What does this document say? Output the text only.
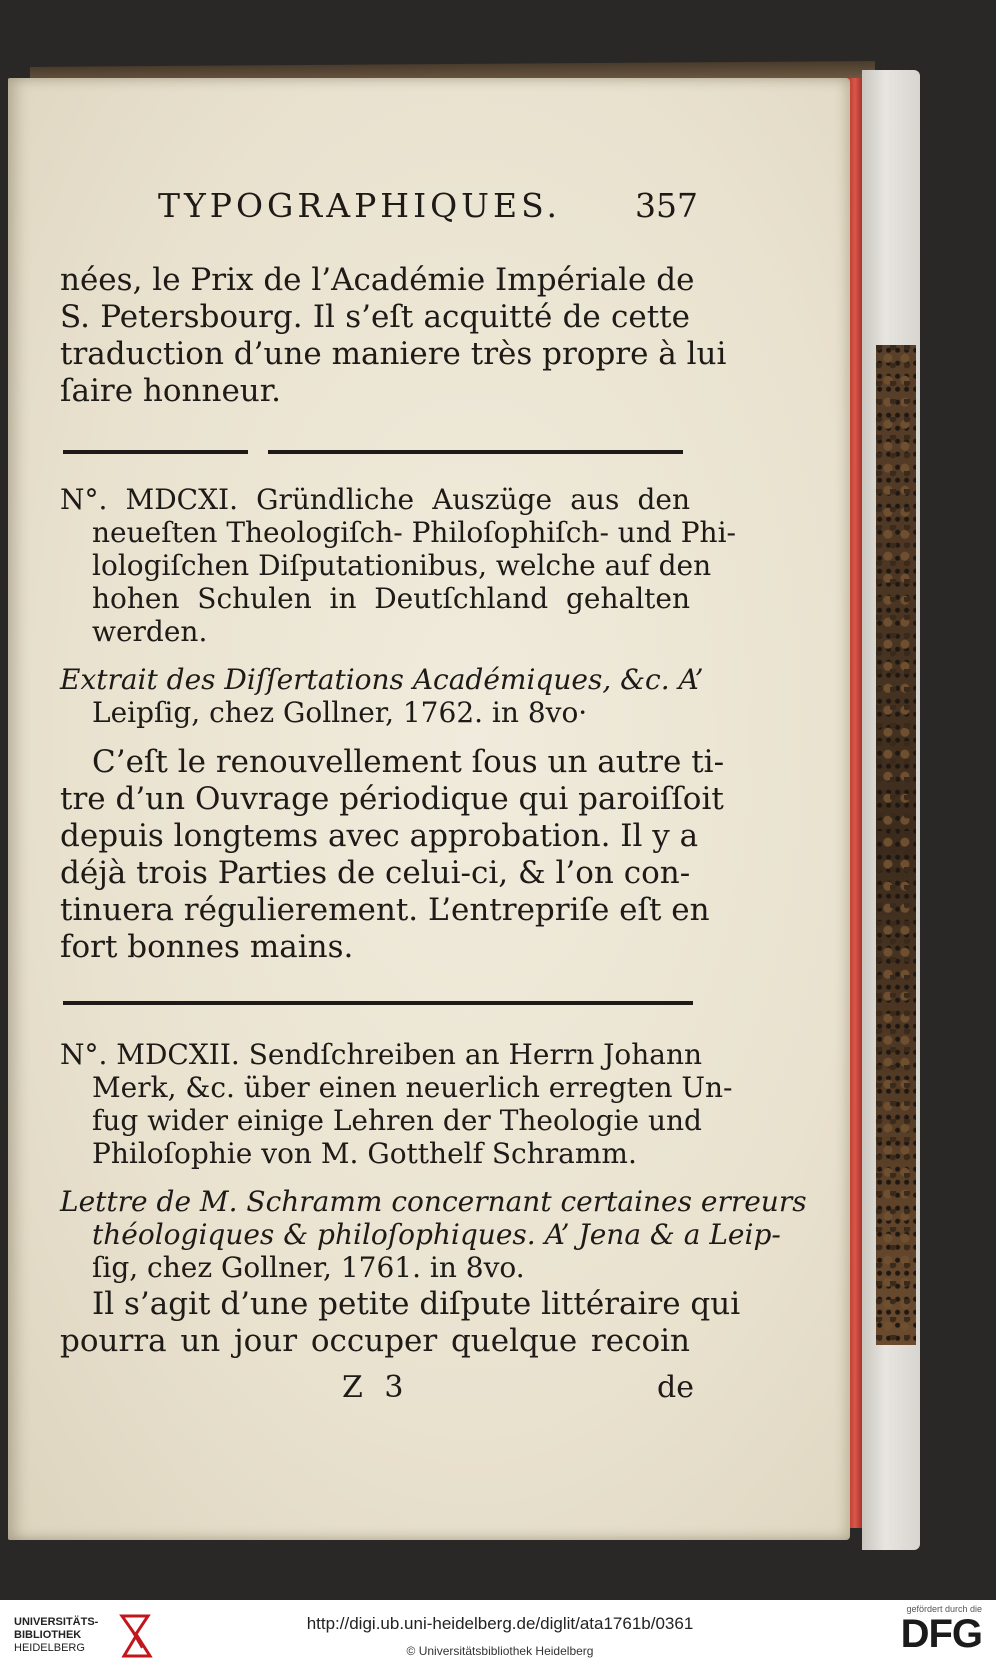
TYPOGRAPHIQUES. 357
nées, le Prix de l’Académie Impériale de
S. Petersbourg. Il s’eſt acquitté de cette
traduction d’une maniere très propre à lui
ſaire honneur.
N°. MDCXI. Gründliche Auszüge aus den
neueſten Theologiſch- Philoſophiſch- und Phi-
lologiſchen Diſputationibus, welche auf den
hohen Schulen in Deutſchland gehalten
werden.
Extrait des Diſſertations Académiques, &c. A’
Leipſig, chez Gollner, 1762. in 8vo·
C’eſt le renouvellement ſous un autre ti-
tre d’un Ouvrage périodique qui paroiſſoit
depuis longtems avec approbation. Il y a
déjà trois Parties de celui-ci, & l’on con-
tinuera régulierement. L’entrepriſe eſt en
fort bonnes mains.
N°. MDCXII. Sendſchreiben an Herrn Johann
Merk, &c. über einen neuerlich erregten Un-
fug wider einige Lehren der Theologie und
Philoſophie von M. Gotthelf Schramm.
Lettre de M. Schramm concernant certaines erreurs
théologiques & philoſophiques. A’ Jena & a Leip-
ſig, chez Gollner, 1761. in 8vo.
Il s’agit d’une petite diſpute littéraire qui
pourra un jour occuper quelque recoin
Z 3	de
UNIVERSITÄTS-
BIBLIOTHEK
HEIDELBERG
http://digi.ub.uni-heidelberg.de/diglit/ata1761b/0361
© Universitätsbibliothek Heidelberg
gefördert durch die
DFG
